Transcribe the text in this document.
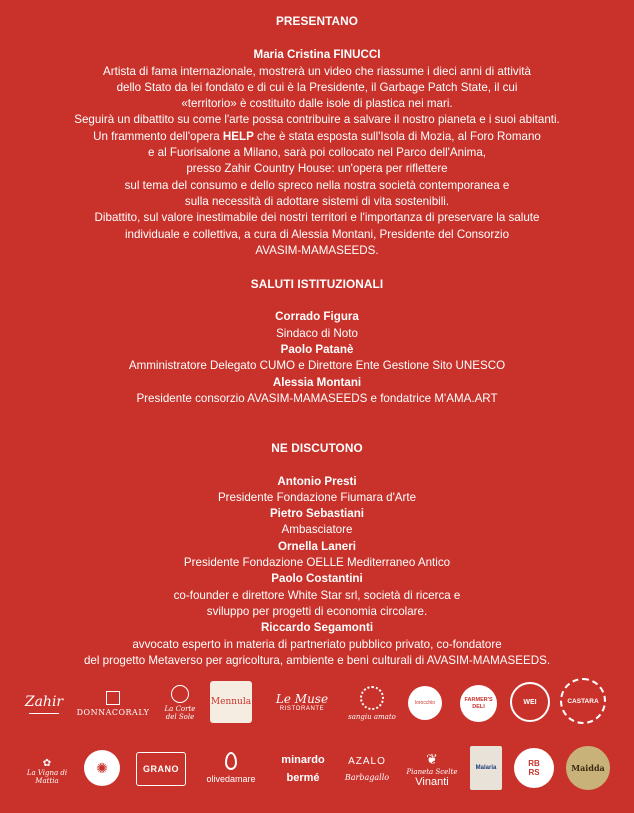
PRESENTANO
Maria Cristina FINUCCI
Artista di fama internazionale, mostrerà un video che riassume i dieci anni di attività
dello Stato da lei fondato e di cui è la Presidente, il Garbage Patch State, il cui
«territorio» è costituito dalle isole di plastica nei mari.
Seguirà un dibattito su come l'arte possa contribuire a salvare il nostro pianeta e i suoi abitanti.
Un frammento dell'opera HELP che è stata esposta sull'Isola di Mozia, al Foro Romano
e al Fuorisalone a Milano, sarà poi collocato nel Parco dell'Anima,
presso Zahir Country House: un'opera per riflettere
sul tema del consumo e dello spreco nella nostra società contemporanea e
sulla necessità di adottare sistemi di vita sostenibili.
Dibattito, sul valore inestimabile dei nostri territori e l'importanza di preservare la salute
individuale e collettiva, a cura di Alessia Montani, Presidente del Consorzio
AVASIM-MAMASEEDS.
SALUTI ISTITUZIONALI
Corrado Figura
Sindaco di Noto
Paolo Patanè
Amministratore Delegato CUMO e Direttore Ente Gestione Sito UNESCO
Alessia Montani
Presidente consorzio AVASIM-MAMASEEDS e fondatrice M'AMA.ART
NE DISCUTONO
Antonio Presti
Presidente Fondazione Fiumara d'Arte
Pietro Sebastiani
Ambasciatore
Ornella Laneri
Presidente Fondazione OELLE Mediterraneo Antico
Paolo Costantini
co-founder e direttore White Star srl, società di ricerca e
sviluppo per progetti di economia circolare.
Riccardo Segamonti
avvocato esperto in materia di partneriato pubblico privato, co-fondatore
del progetto Metaverso per agricoltura, ambiente e beni culturali di AVASIM-MAMASEEDS.
Zahir
DONNACORALY	La Corte del Sole
Mennula Le Muse
RISTORANTE
sangiu amato
lorocchio
FARMER'S DELI
WEI	CASTARA
✿
La Vigna di Mattia
✺	GRANO
olivedamare
minardo
bermé
AZALO
Barbagallo
❦
Pianeta Scelte
Vinanti
Malaria	RB RS	Maidda
